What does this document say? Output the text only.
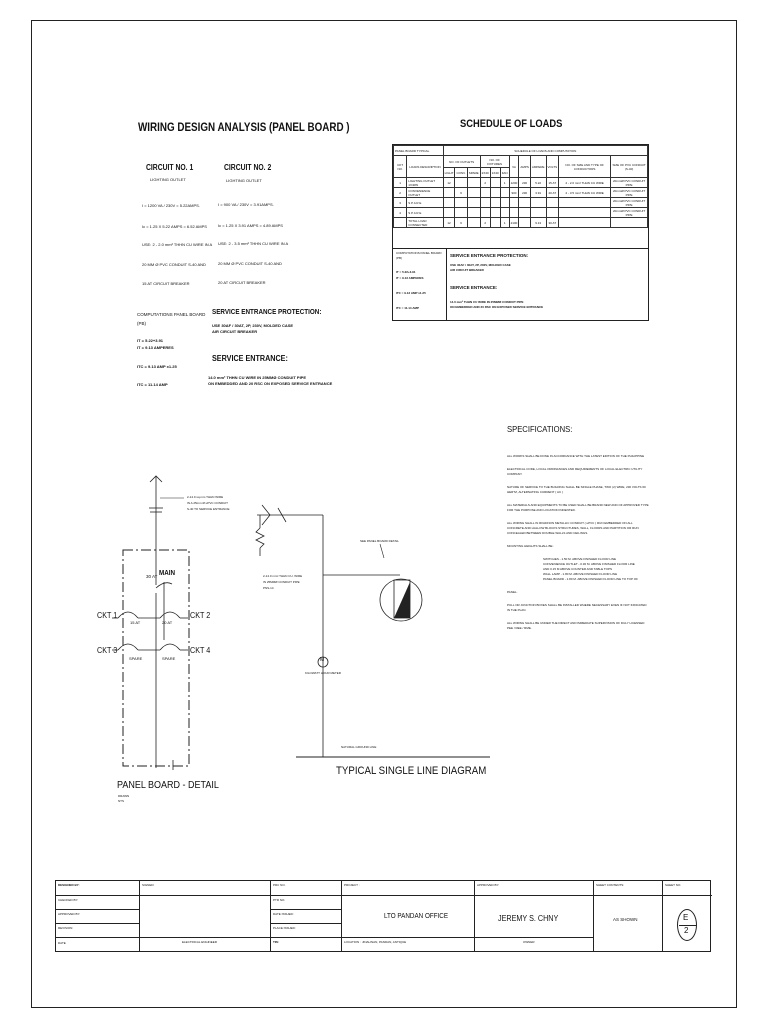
WIRING DESIGN ANALYSIS (PANEL BOARD )
CIRCUIT NO. 1
LIGHTING OUTLET
I = 1200 VA / 230V = 5.22AMPS.
Ic = 1.25 X 5.22 AMPS = 6.52 AMPS
USE: 2 - 2.0 mm² THHN CU WIRE IN A
20 MM Ø PVC CONDUIT S-40 AND
15 AT CIRCUIT BREAKER
CIRCUIT NO. 2
LIGHTING OUTLET
I = 900 VA / 230V = 3.91AMPS.
Ic = 1.25 X 3.91 AMPS = 4.89 AMPS
USE: 2 - 3.5 mm² THHN CU WIRE IN A
20 MM Ø PVC CONDUIT S-40 AND
20 AT CIRCUIT BREAKER
COMPUTATIONS PANEL BOARD
(PB)
IT = 5.22+3.91
IT = 9.13 AMPERES
ITC = 9.13 AMP x1.25
ITC = 11.14 AMP
SERVICE ENTRANCE PROTECTION:
USE 30AF / 30AT, 2P, 230V, MOLDED CASE
AIR CIRCUIT BREAKER
SERVICE ENTRANCE:
14.0 mm² THHN CU WIRE IN 25MMØ CONDUIT PIPE
ON EMBEDDED AND 20 RSC ON EXPOSED SERVICE ENTRANCE
SCHEDULE OF LOADS
PANEL BOARD TYPICAL		SCHEDULE OF LOADS AND COMPUTATION											
CKT NO.	LOADS DESCRIPTION	NO. OF OUTLETS			NO. OF FIXTURES			VA	AMPS	AMPERE	VOLTS	NO. OF SIZE AND TYPE OF CONDUCTORS	SIZE OF PVC CONDUIT (S-40)
		LIGHT	CONV.	SPARE	2X40	1X40	FAN						
1	LIGHTING OUTLET 1X40W	12			2		1	1200	230	5.22	15 AT	2 - 2.0 mm² THHN CU WIRE	20mmØ PVC CONDUIT PIPE
2	CONVENIENCE OUTLET		6					900	230	3.91	20 AT	2 - 3.5 mm² THHN CU WIRE	20mmØ PVC CONDUIT PIPE
3	S P A R E												20mmØ PVC CONDUIT PIPE
4	S P A R E												20mmØ PVC CONDUIT PIPE
	TOTAL LOAD CONNECTED	12	6		2		1	2100		9.13	30 AT		
COMPUTATIONS PANEL BOARD
(PB)
IT = 5.22+3.91
IT = 9.13 AMPERES
ITC = 9.13 AMP x1.25
ITC = 11.14 AMP
SERVICE ENTRANCE PROTECTION:
USE 30AF / 30AT, 2P, 230V, MOLDED CASE
AIR CIRCUIT BREAKER
SERVICE ENTRANCE:
14.0 mm² THHN CU WIRE IN 25MMØ CONDUIT PIPE
ON EMBEDDED AND 20 RSC ON EXPOSED SERVICE ENTRANCE
SPECIFICATIONS:
ALL WORKS SHALL BE DONE IN ACCORDANCE WITH THE LATEST EDITION OF THE PHILIPPINE
ELECTRICAL CODE, LOCAL ORDINANCES AND REQUIREMENTS OF LOCAL ELECTRIC UTILITY
COMPANY.
NATURE OF SERVICE TO THE BUILDING SHALL BE SINGLE PHASE, TWO (2) WIRE, 230 VOLTS 60
HERTZ, ALTERNATING CURRENT ( AC )
ALL MATERIALS AND EQUIPMENTS TO BE USED SHALL BE BRAND NEW AND OF APPROVED TYPE
FOR THE PURPOSE AND LOCATION INDENTED.
ALL WIRING SHALL IN RIGIDNON METALLIC CONDUIT ( uPVC ) RUN EMBEDDED ON ALL
CONCRETE AND HALLOW BLOCKS STRUCTURES, WALL, FLOORS AND PARTITION OR RUN
CONCEALED BETWEEN DOUBLE WALLS AND CEILINGS.
MOUNTING HEIGHTS SHALL BE:
SWITCHES - 1.50 M. ABOVE FINISHED FLOOR LINE
CONVENIENCE OUTLET - 0.30 M. ABOVE FINISHED FLOOR LINE
AND 0.15 M ABOVE COUNTER AND TABLE TOPS
WALL LAMP - 1.80 M. ABOVE FINISHED FLOOR LINE
PANEL BOARD - 1.80 M. ABOVE FINISHED FLOOR LINE TO TOP OF
PANEL.
PULL OR JUNCTION BOXES SHALL BE INSTALLED WHERE NECESSARY EVEN IF NOT INDICATED
IN THE PLAN.
ALL WIRING SHALL BE UNDER THE DIRECT AND IMMEDIATE SUPERVISION OF DULY LICENSED
PEE / REE / RME.
2-14.0 sq.mm THHN WIRE
IN A 25mm Ø uPVC CONDUIT
S-40 TO SERVICE ENTRANCE
30 AT MAIN
CKT 1	CKT 2
CKT 3	CKT 4
15 AT	20 AT
SPARE	SPARE
PANEL BOARD - DETAIL
DRAWN
NTS
2-14.0 mm² THHN CU. WIRE
IN 25MMØ CONDUIT PIPE
PNS-14
SEE PANEL BOARD DETAIL
M
KILOWATT HOUR METER
NATURAL GROUND LINE
TYPICAL SINGLE LINE DIAGRAM
DESIGNED BY:
CHECKED BY:
APPROVED BY:
REVISION:
DATE
SIGNED:
ELECTRICAL ENGINEER
PRC NO.
PTR NO.
DATE ISSUED:
PLACE ISSUED:
TIN:
PROJECT :
LTO PANDAN OFFICE
LOCATION : JINALINAN, PANDAN, ANTIQUE
APPROVED BY:
JEREMY S. CHNY
OWNER
SHEET CONTENTS:
AS SHOWN
SHEET NO.
E
2
